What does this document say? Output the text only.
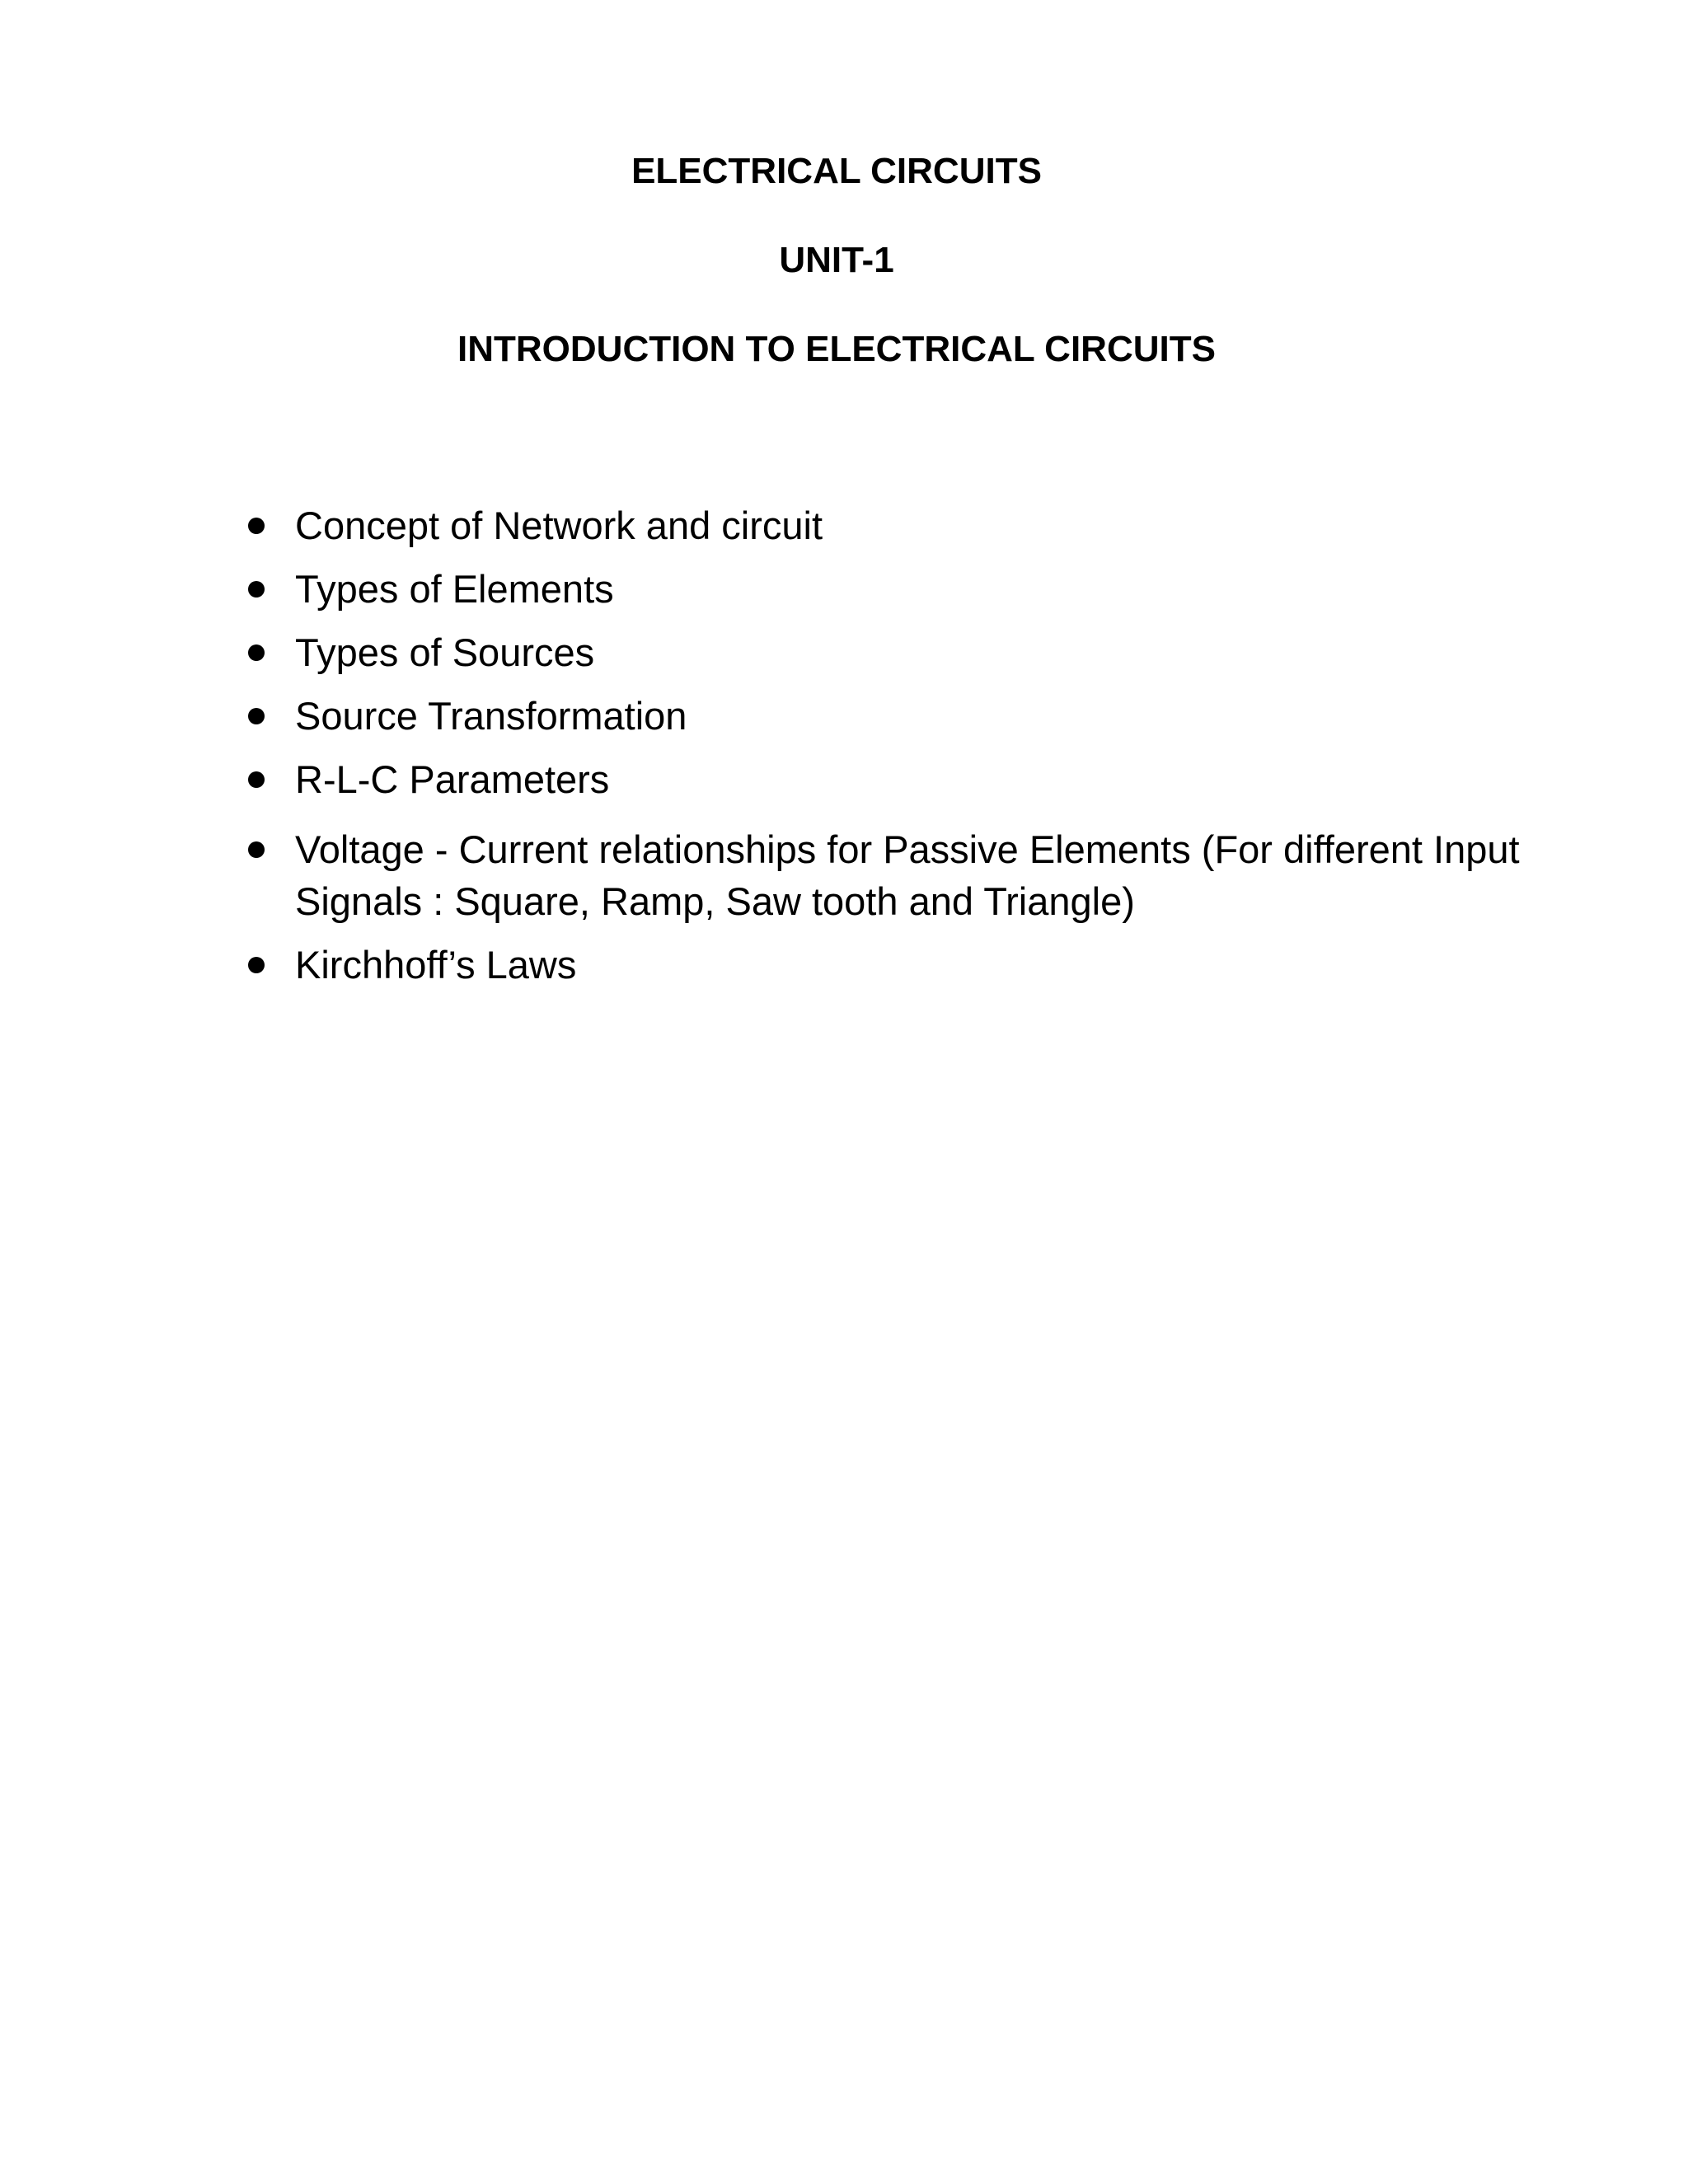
ELECTRICAL CIRCUITS
UNIT-1
INTRODUCTION TO ELECTRICAL CIRCUITS
Concept of Network and circuit
Types of Elements
Types of Sources
Source Transformation
R-L-C Parameters
Voltage - Current relationships for Passive Elements (For different Input Signals : Square, Ramp, Saw tooth and Triangle)
Kirchhoff’s Laws
